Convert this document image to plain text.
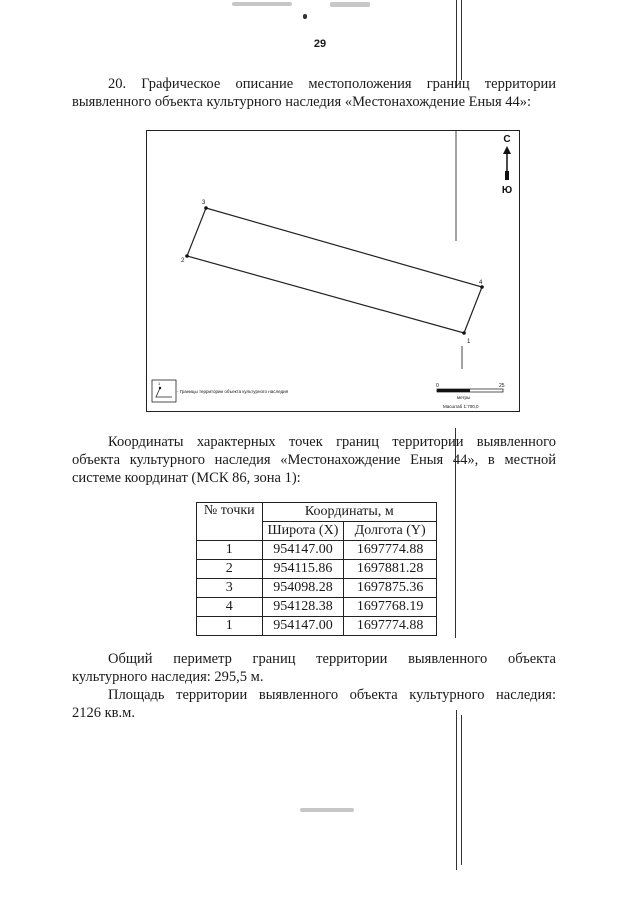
29
20. Графическое описание местоположения границ территории
выявленного объекта культурного наследия «Местонахождение Еныя 44»:
1
2
3
4
С
Ю
1
- Границы территории объекта культурного наследия
0	25
метры
Масштаб 1:700,0
Координаты характерных точек границ территории выявленного объекта культурного наследия «Местонахождение Еныя 44», в местной системе координат (МСК 86, зона 1):
№ точки	Координаты, м	
	Широта (X)	Долгота (Y)
1	954147.00	1697774.88
2	954115.86	1697881.28
3	954098.28	1697875.36
4	954128.38	1697768.19
1	954147.00	1697774.88
Общий периметр границ территории выявленного объекта
культурного наследия: 295,5 м.
Площадь территории выявленного объекта культурного наследия:
2126 кв.м.
